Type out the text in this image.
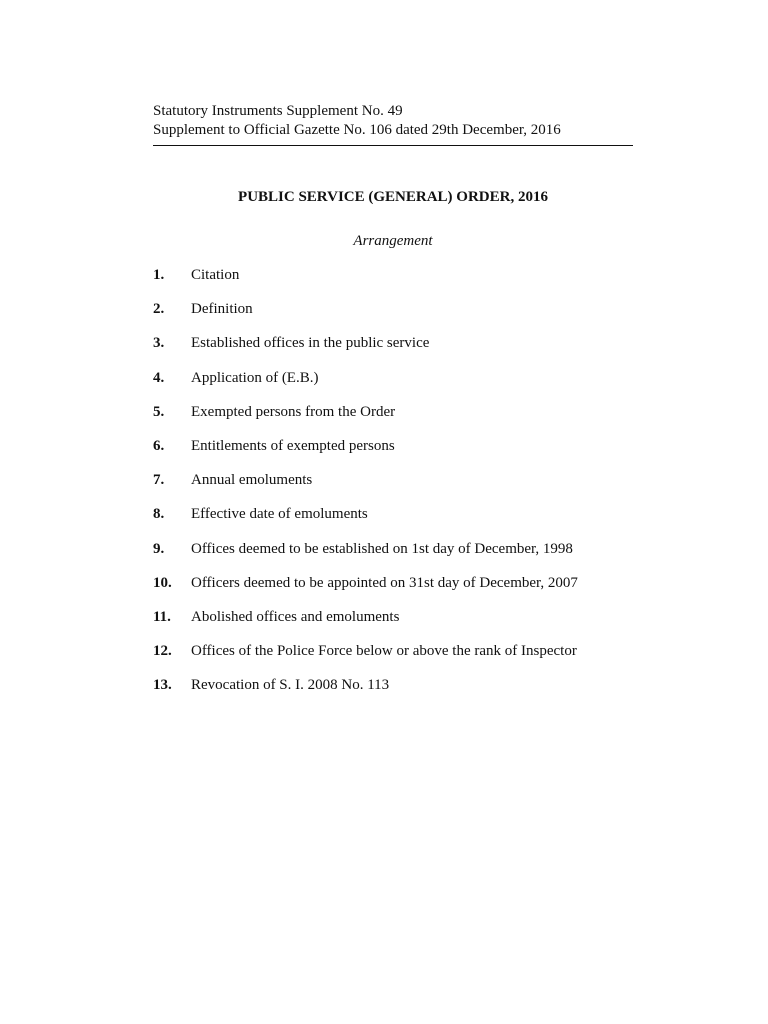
Statutory Instruments Supplement No. 49
Supplement to Official Gazette No. 106 dated 29th December, 2016
PUBLIC SERVICE (GENERAL) ORDER, 2016
Arrangement
1. Citation
2. Definition
3. Established offices in the public service
4. Application of (E.B.)
5. Exempted persons from the Order
6. Entitlements of exempted persons
7. Annual emoluments
8. Effective date of emoluments
9. Offices deemed to be established on 1st day of December, 1998
10. Officers deemed to be appointed on 31st day of December, 2007
11. Abolished offices and emoluments
12. Offices of the Police Force below or above the rank of Inspector
13. Revocation of S. I. 2008 No. 113
